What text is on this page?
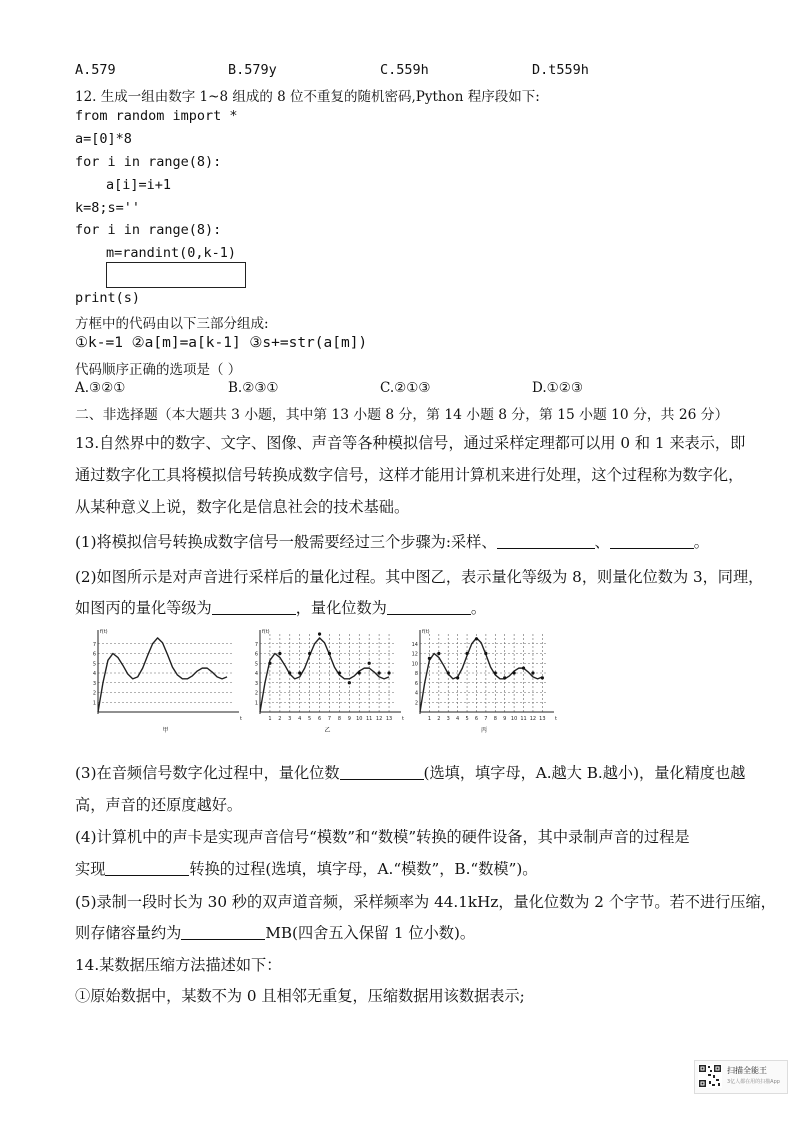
A.579	B.579y	C.559h	D.t559h
12. 生成一组由数字 1~8 组成的 8 位不重复的随机密码,Python 程序段如下:
from random import *
a=[0]*8
for i in range(8):
a[i]=i+1
k=8;s=''
for i in range(8):
m=randint(0,k-1)
print(s)
方框中的代码由以下三部分组成:
①k-=1 ②a[m]=a[k-1] ③s+=str(a[m])
代码顺序正确的选项是（ ）
A.③②①	B.②③①	C.②①③	D.①②③
二、非选择题（本大题共 3 小题，其中第 13 小题 8 分，第 14 小题 8 分，第 15 小题 10 分，共 26 分）
13.自然界中的数字、文字、图像、声音等各种模拟信号，通过采样定理都可以用 0 和 1 来表示，即
通过数字化工具将模拟信号转换成数字信号，这样才能用计算机来进行处理，这个过程称为数字化，
从某种意义上说，数字化是信息社会的技术基础。
(1)将模拟信号转换成数字信号一般需要经过三个步骤为:采样、	、	。
(2)如图所示是对声音进行采样后的量化过程。其中图乙，表示量化等级为 8，则量化位数为 3，同理，
如图丙的量化等级为	，量化位数为	。
1
2
3
4
5
6
7
f(t)
t
甲
1
2
3
4
5
6
7
1 2 3 4 5 6 7 8 9 10 11 12 13
f(t)
t
乙
2
4
6
8
10
12
14
1 2 3 4 5 6 7 8 9 10 11 12 13
f(t)
t
丙
(3)在音频信号数字化过程中，量化位数	(选填，填字母，A.越大 B.越小)，量化精度也越
高，声音的还原度越好。
(4)计算机中的声卡是实现声音信号“模数”和“数模”转换的硬件设备，其中录制声音的过程是
实现	转换的过程(选填，填字母，A.“模数”，B.“数模”)。
(5)录制一段时长为 30 秒的双声道音频，采样频率为 44.1kHz，量化位数为 2 个字节。若不进行压缩，
则存储容量约为	MB(四舍五入保留 1 位小数)。
14.某数据压缩方法描述如下：
①原始数据中，某数不为 0 且相邻无重复，压缩数据用该数据表示;
扫描全能王
3亿人都在用的扫描App
